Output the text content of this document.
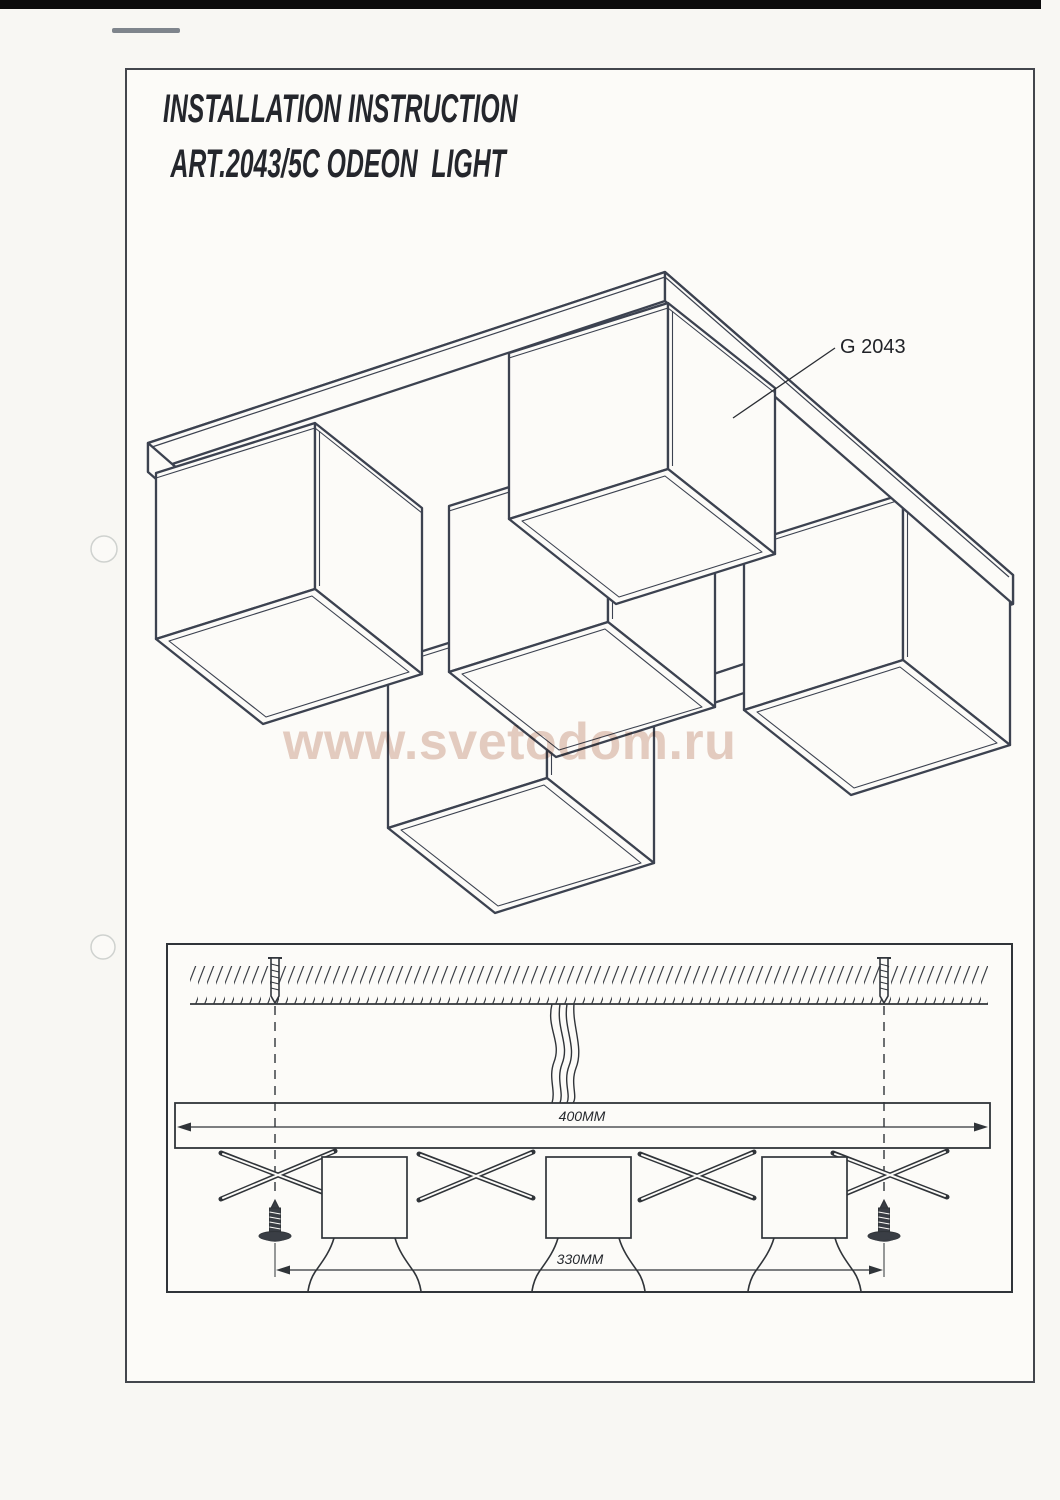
INSTALLATION INSTRUCTION
ART.2043/5C ODEON  LIGHT
G 2043
400MM
330MM
www.svetodom.ru
